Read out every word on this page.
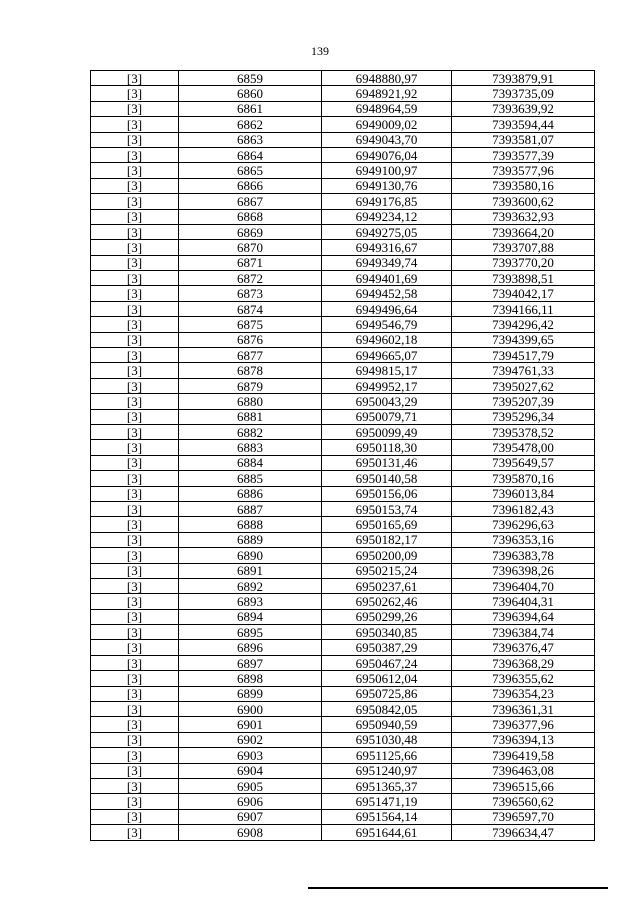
139
[3]	6859	6948880,97	7393879,91
[3]	6860	6948921,92	7393735,09
[3]	6861	6948964,59	7393639,92
[3]	6862	6949009,02	7393594,44
[3]	6863	6949043,70	7393581,07
[3]	6864	6949076,04	7393577,39
[3]	6865	6949100,97	7393577,96
[3]	6866	6949130,76	7393580,16
[3]	6867	6949176,85	7393600,62
[3]	6868	6949234,12	7393632,93
[3]	6869	6949275,05	7393664,20
[3]	6870	6949316,67	7393707,88
[3]	6871	6949349,74	7393770,20
[3]	6872	6949401,69	7393898,51
[3]	6873	6949452,58	7394042,17
[3]	6874	6949496,64	7394166,11
[3]	6875	6949546,79	7394296,42
[3]	6876	6949602,18	7394399,65
[3]	6877	6949665,07	7394517,79
[3]	6878	6949815,17	7394761,33
[3]	6879	6949952,17	7395027,62
[3]	6880	6950043,29	7395207,39
[3]	6881	6950079,71	7395296,34
[3]	6882	6950099,49	7395378,52
[3]	6883	6950118,30	7395478,00
[3]	6884	6950131,46	7395649,57
[3]	6885	6950140,58	7395870,16
[3]	6886	6950156,06	7396013,84
[3]	6887	6950153,74	7396182,43
[3]	6888	6950165,69	7396296,63
[3]	6889	6950182,17	7396353,16
[3]	6890	6950200,09	7396383,78
[3]	6891	6950215,24	7396398,26
[3]	6892	6950237,61	7396404,70
[3]	6893	6950262,46	7396404,31
[3]	6894	6950299,26	7396394,64
[3]	6895	6950340,85	7396384,74
[3]	6896	6950387,29	7396376,47
[3]	6897	6950467,24	7396368,29
[3]	6898	6950612,04	7396355,62
[3]	6899	6950725,86	7396354,23
[3]	6900	6950842,05	7396361,31
[3]	6901	6950940,59	7396377,96
[3]	6902	6951030,48	7396394,13
[3]	6903	6951125,66	7396419,58
[3]	6904	6951240,97	7396463,08
[3]	6905	6951365,37	7396515,66
[3]	6906	6951471,19	7396560,62
[3]	6907	6951564,14	7396597,70
[3]	6908	6951644,61	7396634,47
